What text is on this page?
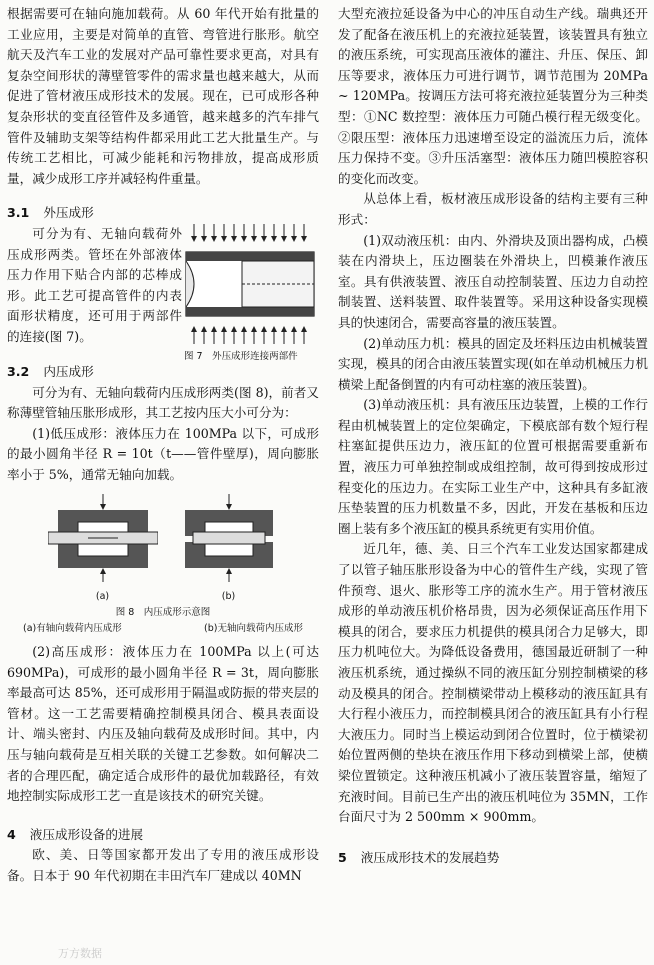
根据需要可在轴向施加载荷。从 60 年代开始有批量的工业应用，主要是对简单的直管、弯管进行胀形。航空航天及汽车工业的发展对产品可靠性要求更高，对具有复杂空间形状的薄壁管零件的需求量也越来越大，从而促进了管材液压成形技术的发展。现在，已可成形各种复杂形状的变直径管件及多通管，越来越多的汽车排气管件及辅助支架等结构件都采用此工艺大批量生产。与传统工艺相比，可减少能耗和污物排放，提高成形质量，减少成形工序并减轻构件重量。

3.1 外压成形

可分为有、无轴向载荷外压成形两类。管坯在外部液体压力作用下贴合内部的芯棒成形。此工艺可提高管件的内表面形状精度，还可用于两部件的连接(图 7)。

图 7　外压成形连接两部件
3.2 内压成形

可分为有、无轴向载荷内压成形两类(图 8)，前者又称薄壁管轴压胀形成形，其工艺按内压大小可分为：

(1)低压成形：液体压力在 100MPa 以下，可成形的最小圆角半径 R = 10t（t——管件壁厚)，周向膨胀率小于 5%，通常无轴向加载。

(a)	(b)
图 8　内压成形示意图
(a)有轴向载荷内压成形	(b)无轴向载荷内压成形

(2)高压成形：液体压力在 100MPa 以上(可达 690MPa)，可成形的最小圆角半径 R = 3t，周向膨胀率最高可达 85%，还可成形用于隔温或防振的带夹层的管材。这一工艺需要精确控制模具闭合、模具表面设计、端头密封、内压及轴向载荷及成形时间。其中，内压与轴向载荷是互相关联的关键工艺参数。如何解决二者的合理匹配，确定适合成形件的最优加载路径，有效地控制实际成形工艺一直是该技术的研究关键。

4 液压成形设备的进展

欧、美、日等国家都开发出了专用的液压成形设备。日本于 90 年代初期在丰田汽车厂建成以 40MN

大型充液拉延设备为中心的冲压自动生产线。瑞典还开发了配备在液压机上的充液拉延装置，该装置具有独立的液压系统，可实现高压液体的灌注、升压、保压、卸压等要求，液体压力可进行调节，调节范围为 20MPa ~ 120MPa。按调压方法可将充液拉延装置分为三种类型：①NC 数控型：液体压力可随凸模行程无级变化。②限压型：液体压力迅速增至设定的溢流压力后，流体压力保持不变。③升压活塞型：液体压力随凹模腔容积的变化而改变。

从总体上看，板材液压成形设备的结构主要有三种形式：

(1)双动液压机：由内、外滑块及顶出器构成，凸模装在内滑块上，压边圈装在外滑块上，凹模兼作液压室。具有供液装置、液压自动控制装置、压边力自动控制装置、送料装置、取件装置等。采用这种设备实现模具的快速闭合，需要高容量的液压装置。

(2)单动压力机：模具的固定及坯料压边由机械装置实现，模具的闭合由液压装置实现(如在单动机械压力机横梁上配备倒置的内有可动柱塞的液压装置)。

(3)单动液压机：具有液压压边装置，上模的工作行程由机械装置上的定位架确定，下模底部有数个短行程柱塞缸提供压边力，液压缸的位置可根据需要重新布置，液压力可单独控制或成组控制，故可得到按成形过程变化的压边力。在实际工业生产中，这种具有多缸液压垫装置的压力机数量不多，因此，开发在基板和压边圈上装有多个液压缸的模具系统更有实用价值。

近几年，德、美、日三个汽车工业发达国家都建成了以管子轴压胀形设备为中心的管件生产线，实现了管件预弯、退火、胀形等工序的流水生产。用于管材液压成形的单动液压机价格昂贵，因为必须保证高压作用下模具的闭合，要求压力机提供的模具闭合力足够大，即压力机吨位大。为降低设备费用，德国最近研制了一种液压机系统，通过操纵不同的液压缸分别控制横梁的移动及模具的闭合。控制横梁带动上模移动的液压缸具有大行程小液压力，而控制模具闭合的液压缸具有小行程大液压力。同时当上模运动到闭合位置时，位于横梁初始位置两侧的垫块在液压作用下移动到横梁上部，使横梁位置锁定。这种液压机减小了液压装置容量，缩短了充液时间。目前已生产出的液压机吨位为 35MN，工作台面尺寸为 2 500mm × 900mm。

5 液压成形技术的发展趋势
万方数据
